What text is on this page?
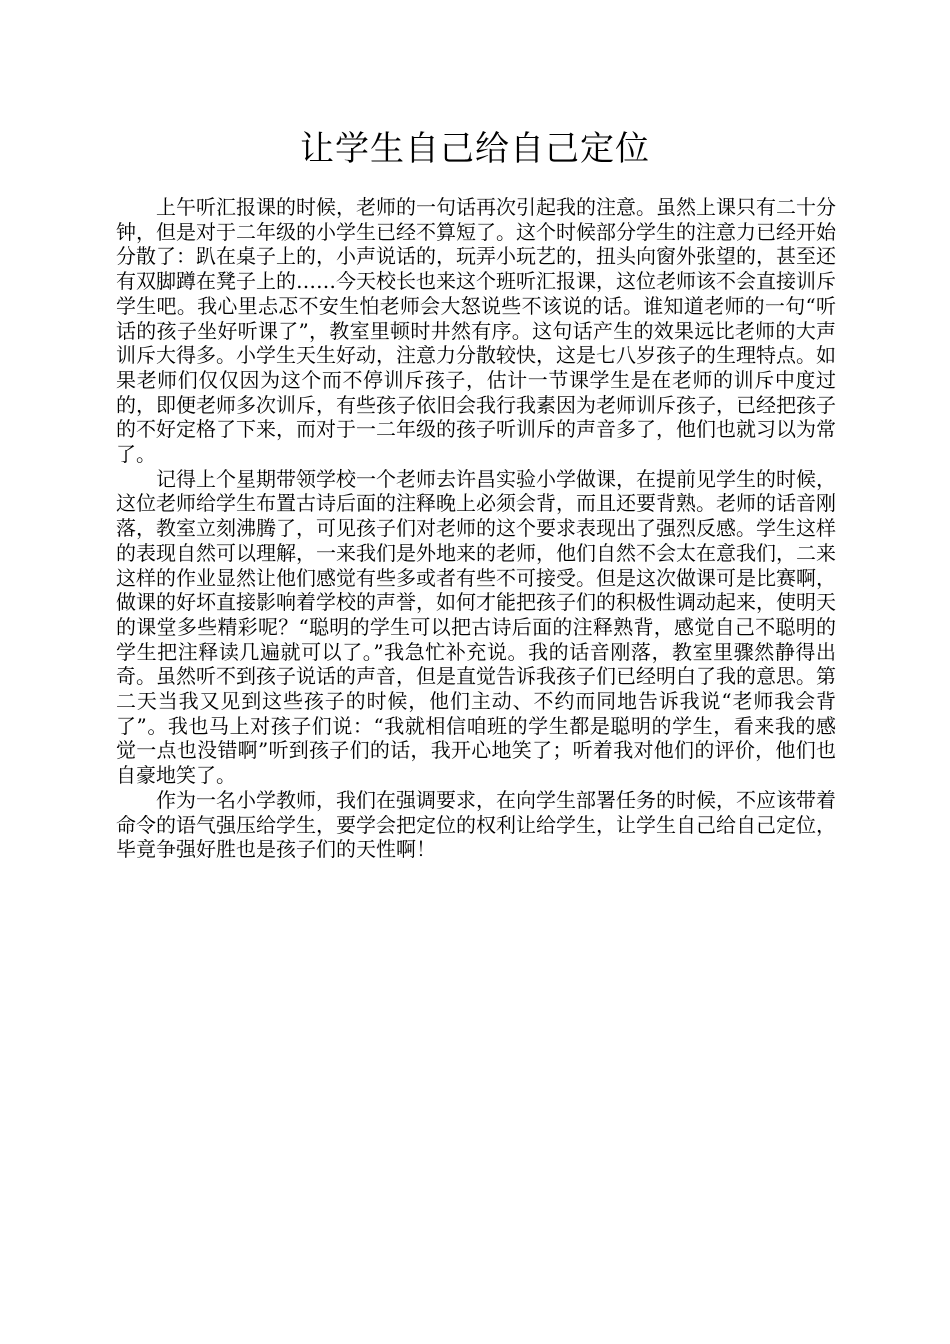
让学生自己给自己定位

上午听汇报课的时候，老师的一句话再次引起我的注意。虽然上课只有二十分钟，但是对于二年级的小学生已经不算短了。这个时候部分学生的注意力已经开始分散了：趴在桌子上的，小声说话的，玩弄小玩艺的，扭头向窗外张望的，甚至还有双脚蹲在凳子上的……今天校长也来这个班听汇报课，这位老师该不会直接训斥学生吧。我心里忐忑不安生怕老师会大怒说些不该说的话。谁知道老师的一句“听话的孩子坐好听课了”，教室里顿时井然有序。这句话产生的效果远比老师的大声训斥大得多。小学生天生好动，注意力分散较快，这是七八岁孩子的生理特点。如果老师们仅仅因为这个而不停训斥孩子，估计一节课学生是在老师的训斥中度过的，即便老师多次训斥，有些孩子依旧会我行我素因为老师训斥孩子，已经把孩子的不好定格了下来，而对于一二年级的孩子听训斥的声音多了，他们也就习以为常了。

记得上个星期带领学校一个老师去许昌实验小学做课，在提前见学生的时候，这位老师给学生布置古诗后面的注释晚上必须会背，而且还要背熟。老师的话音刚落，教室立刻沸腾了，可见孩子们对老师的这个要求表现出了强烈反感。学生这样的表现自然可以理解，一来我们是外地来的老师，他们自然不会太在意我们，二来这样的作业显然让他们感觉有些多或者有些不可接受。但是这次做课可是比赛啊，做课的好坏直接影响着学校的声誉，如何才能把孩子们的积极性调动起来，使明天的课堂多些精彩呢？“聪明的学生可以把古诗后面的注释熟背，感觉自己不聪明的学生把注释读几遍就可以了。”我急忙补充说。我的话音刚落，教室里骤然静得出奇。虽然听不到孩子说话的声音，但是直觉告诉我孩子们已经明白了我的意思。第二天当我又见到这些孩子的时候，他们主动、不约而同地告诉我说“老师我会背了”。我也马上对孩子们说：“我就相信咱班的学生都是聪明的学生，看来我的感觉一点也没错啊”听到孩子们的话，我开心地笑了；听着我对他们的评价，他们也自豪地笑了。

作为一名小学教师，我们在强调要求，在向学生部署任务的时候，不应该带着命令的语气强压给学生，要学会把定位的权利让给学生，让学生自己给自己定位，毕竟争强好胜也是孩子们的天性啊！
